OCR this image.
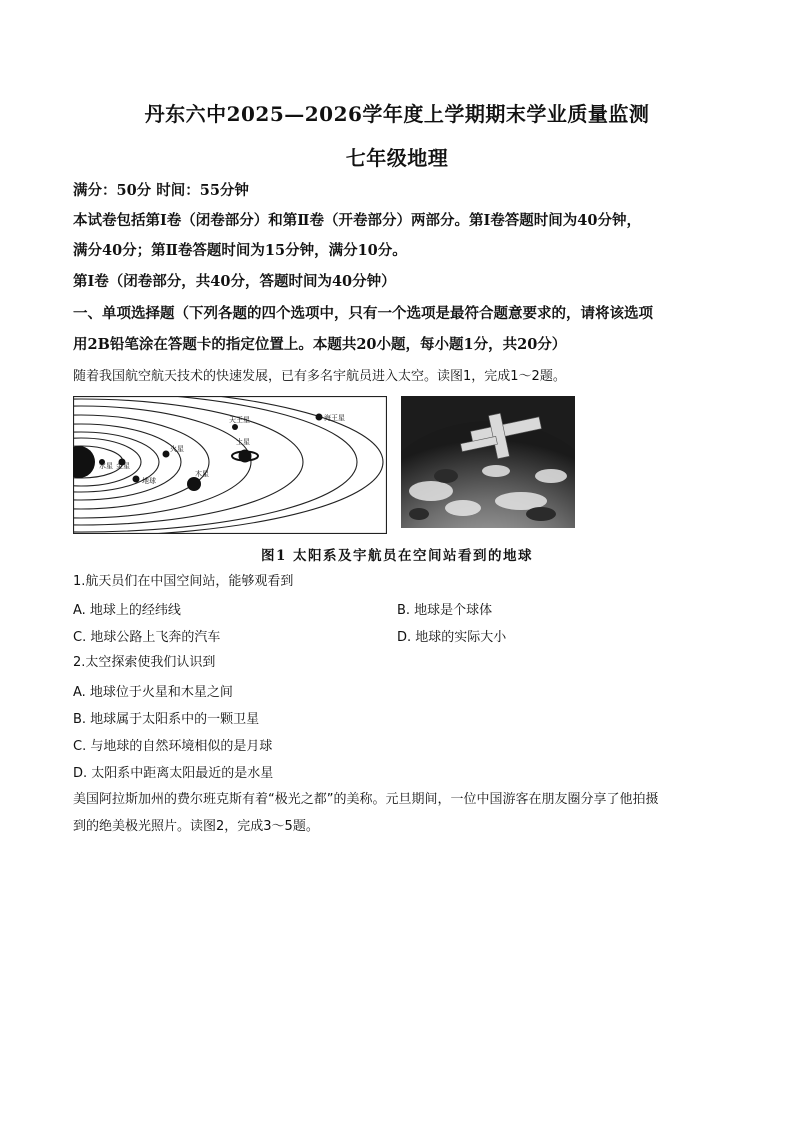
丹东六中2025—2026学年度上学期期末学业质量监测
七年级地理
满分：50分 时间：55分钟
本试卷包括第Ⅰ卷（闭卷部分）和第Ⅱ卷（开卷部分）两部分。第Ⅰ卷答题时间为40分钟，
满分40分；第Ⅱ卷答题时间为15分钟，满分10分。
第Ⅰ卷（闭卷部分，共40分，答题时间为40分钟）
一、单项选择题（下列各题的四个选项中，只有一个选项是最符合题意要求的，请将该选项
用2B铅笔涂在答题卡的指定位置上。本题共20小题，每小题1分，共20分）
随着我国航空航天技术的快速发展，已有多名宇航员进入太空。读图1，完成1～2题。
水星 金星
地球
火星
木星
土星
天王星	海王星
图1 太阳系及宇航员在空间站看到的地球
1.航天员们在中国空间站，能够观看到
A. 地球上的经纬线	B. 地球是个球体
C. 地球公路上飞奔的汽车	D. 地球的实际大小
2.太空探索使我们认识到
A. 地球位于火星和木星之间
B. 地球属于太阳系中的一颗卫星
C. 与地球的自然环境相似的是月球
D. 太阳系中距离太阳最近的是水星
美国阿拉斯加州的费尔班克斯有着“极光之都”的美称。元旦期间，一位中国游客在朋友圈分享了他拍摄
到的绝美极光照片。读图2，完成3～5题。
